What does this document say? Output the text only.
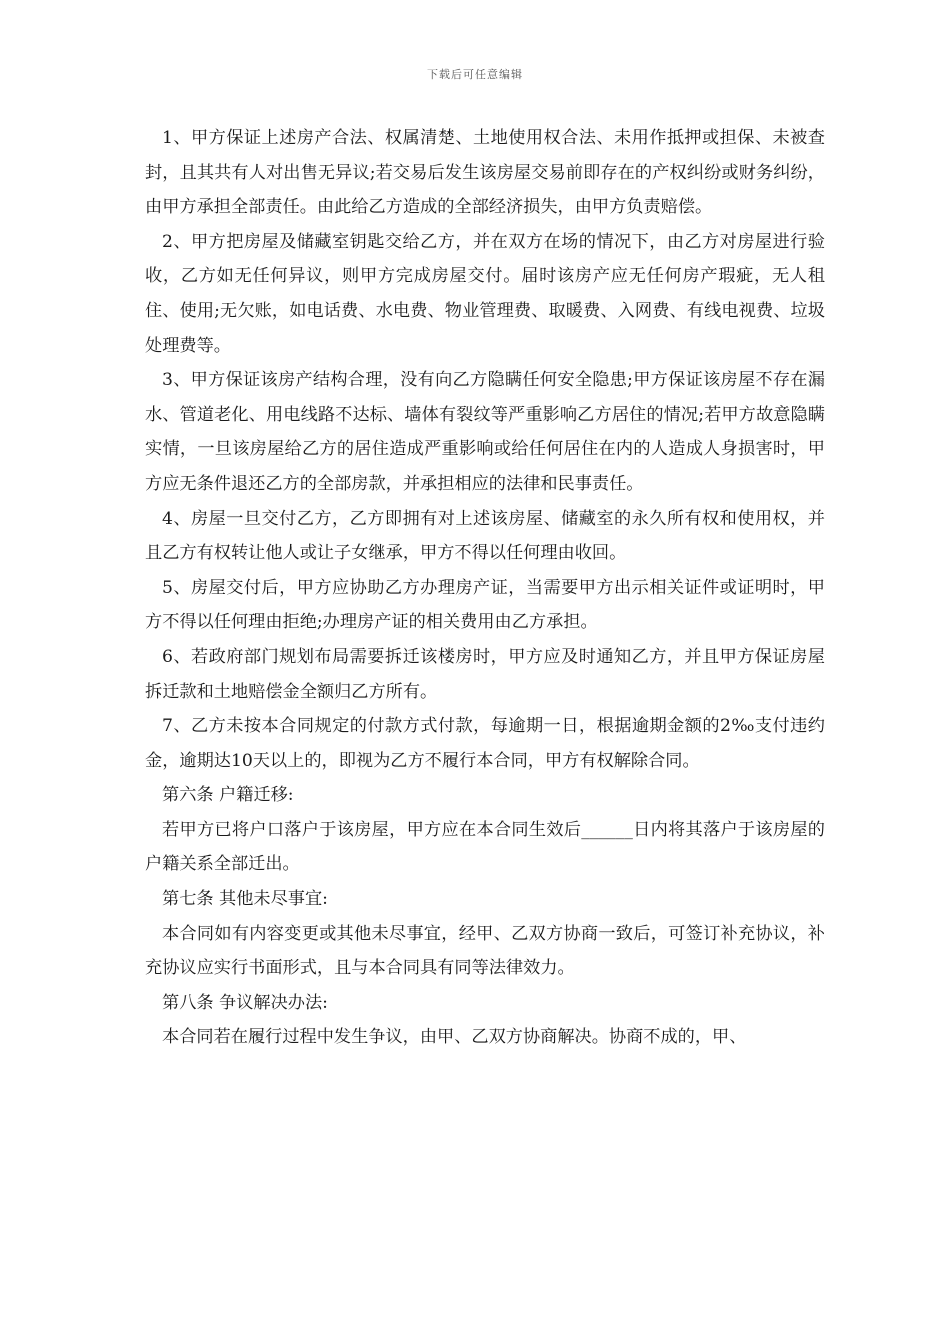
下载后可任意编辑

1、甲方保证上述房产合法、权属清楚、土地使用权合法、未用作抵押或担保、未被查封，且其共有人对出售无异议;若交易后发生该房屋交易前即存在的产权纠纷或财务纠纷，由甲方承担全部责任。由此给乙方造成的全部经济损失，由甲方负责赔偿。

2、甲方把房屋及储藏室钥匙交给乙方，并在双方在场的情况下，由乙方对房屋进行验收，乙方如无任何异议，则甲方完成房屋交付。届时该房产应无任何房产瑕疵，无人租住、使用;无欠账，如电话费、水电费、物业管理费、取暖费、入网费、有线电视费、垃圾处理费等。

3、甲方保证该房产结构合理，没有向乙方隐瞒任何安全隐患;甲方保证该房屋不存在漏水、管道老化、用电线路不达标、墙体有裂纹等严重影响乙方居住的情况;若甲方故意隐瞒实情，一旦该房屋给乙方的居住造成严重影响或给任何居住在内的人造成人身损害时，甲方应无条件退还乙方的全部房款，并承担相应的法律和民事责任。

4、房屋一旦交付乙方，乙方即拥有对上述该房屋、储藏室的永久所有权和使用权，并且乙方有权转让他人或让子女继承，甲方不得以任何理由收回。

5、房屋交付后，甲方应协助乙方办理房产证，当需要甲方出示相关证件或证明时，甲方不得以任何理由拒绝;办理房产证的相关费用由乙方承担。

6、若政府部门规划布局需要拆迁该楼房时，甲方应及时通知乙方，并且甲方保证房屋拆迁款和土地赔偿金全额归乙方所有。

7、乙方未按本合同规定的付款方式付款，每逾期一日，根据逾期金额的2‰支付违约金，逾期达10天以上的，即视为乙方不履行本合同，甲方有权解除合同。

第六条 户籍迁移:

若甲方已将户口落户于该房屋，甲方应在本合同生效后______日内将其落户于该房屋的户籍关系全部迁出。

第七条 其他未尽事宜:

本合同如有内容变更或其他未尽事宜，经甲、乙双方协商一致后，可签订补充协议，补充协议应实行书面形式，且与本合同具有同等法律效力。

第八条 争议解决办法:

本合同若在履行过程中发生争议，由甲、乙双方协商解决。协商不成的，甲、
